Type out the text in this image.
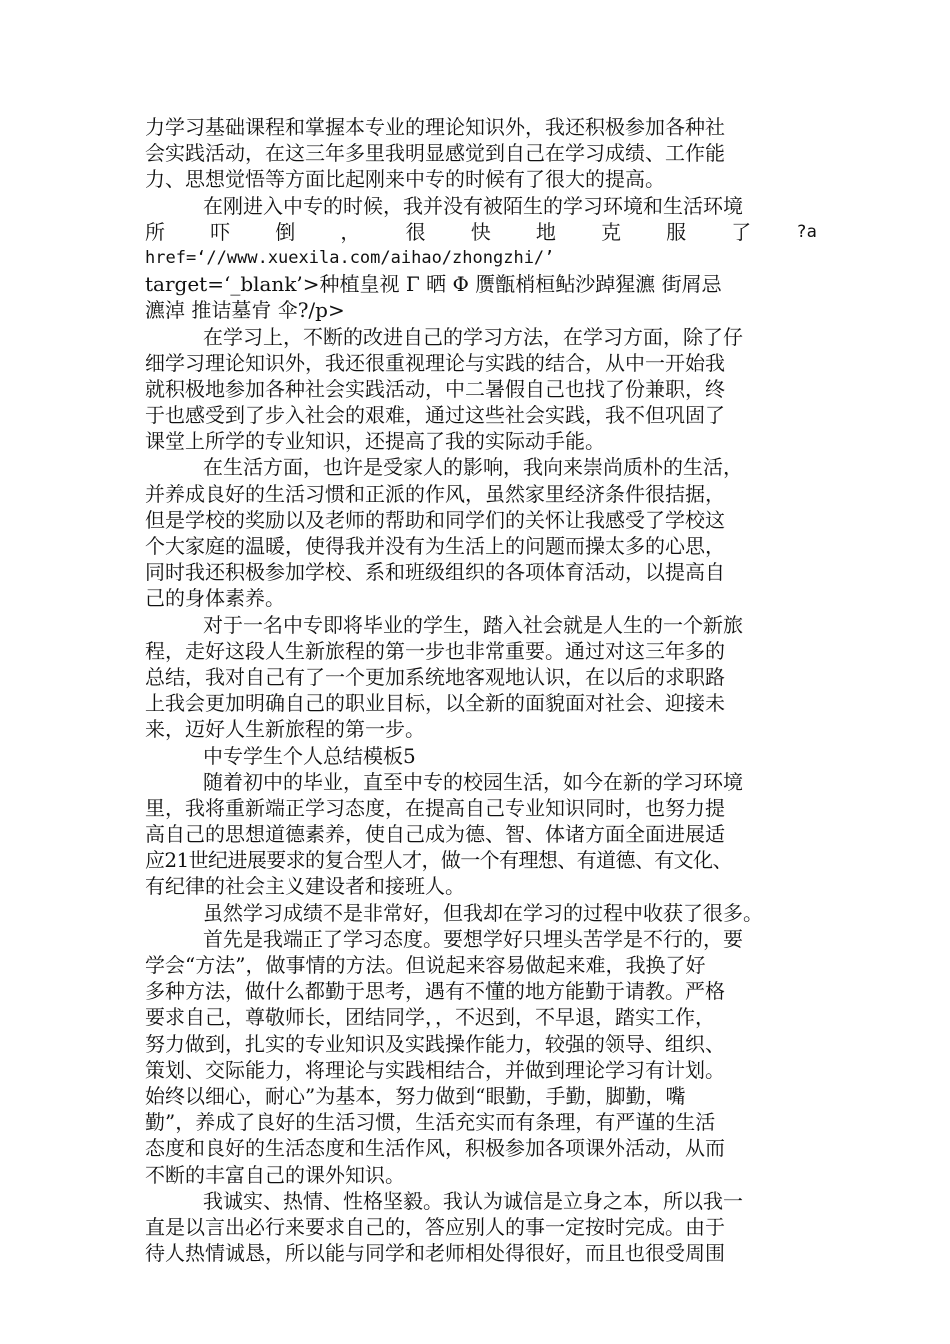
力学习基础课程和掌握本专业的理论知识外，我还积极参加各种社
会实践活动，在这三年多里我明显感觉到自己在学习成绩、工作能
力、思想觉悟等方面比起刚来中专的时候有了很大的提高。
在刚进入中专的时候，我并没有被陌生的学习环境和生活环境
所 吓 倒 ， 很 快 地 克 服 了	?a
href=‘//www.xuexila.com/aihao/zhongzhi/’
target=‘_blank’>种植皇视 Γ 晒 Φ 赝甑梢桓鲇沙踔猩瀌 街屑忌
瀌淖 推诘墓肻 伞?/p>
在学习上，不断的改进自己的学习方法，在学习方面，除了仔
细学习理论知识外，我还很重视理论与实践的结合，从中一开始我
就积极地参加各种社会实践活动，中二暑假自己也找了份兼职，终
于也感受到了步入社会的艰难，通过这些社会实践，我不但巩固了
课堂上所学的专业知识，还提高了我的实际动手能。
在生活方面，也许是受家人的影响，我向来崇尚质朴的生活，
并养成良好的生活习惯和正派的作风，虽然家里经济条件很拮据，
但是学校的奖励以及老师的帮助和同学们的关怀让我感受了学校这
个大家庭的温暖，使得我并没有为生活上的问题而操太多的心思，
同时我还积极参加学校、系和班级组织的各项体育活动，以提高自
己的身体素养。
对于一名中专即将毕业的学生，踏入社会就是人生的一个新旅
程，走好这段人生新旅程的第一步也非常重要。通过对这三年多的
总结，我对自己有了一个更加系统地客观地认识，在以后的求职路
上我会更加明确自己的职业目标，以全新的面貌面对社会、迎接未
来，迈好人生新旅程的第一步。
中专学生个人总结模板5
随着初中的毕业，直至中专的校园生活，如今在新的学习环境
里，我将重新端正学习态度，在提高自己专业知识同时，也努力提
高自己的思想道德素养，使自己成为德、智、体诸方面全面进展适
应21世纪进展要求的复合型人才，做一个有理想、有道德、有文化、
有纪律的社会主义建设者和接班人。
虽然学习成绩不是非常好，但我却在学习的过程中收获了很多。
首先是我端正了学习态度。要想学好只埋头苦学是不行的，要
学会“方法”，做事情的方法。但说起来容易做起来难，我换了好
多种方法，做什么都勤于思考，遇有不懂的地方能勤于请教。严格
要求自己，尊敬师长，团结同学，，不迟到，不早退，踏实工作，
努力做到，扎实的专业知识及实践操作能力，较强的领导、组织、
策划、交际能力，将理论与实践相结合，并做到理论学习有计划。
始终以细心，耐心”为基本，努力做到“眼勤，手勤，脚勤，嘴
勤”，养成了良好的生活习惯，生活充实而有条理，有严谨的生活
态度和良好的生活态度和生活作风，积极参加各项课外活动，从而
不断的丰富自己的课外知识。
我诚实、热情、性格坚毅。我认为诚信是立身之本，所以我一
直是以言出必行来要求自己的，答应别人的事一定按时完成。由于
待人热情诚恳，所以能与同学和老师相处得很好，而且也很受周围
